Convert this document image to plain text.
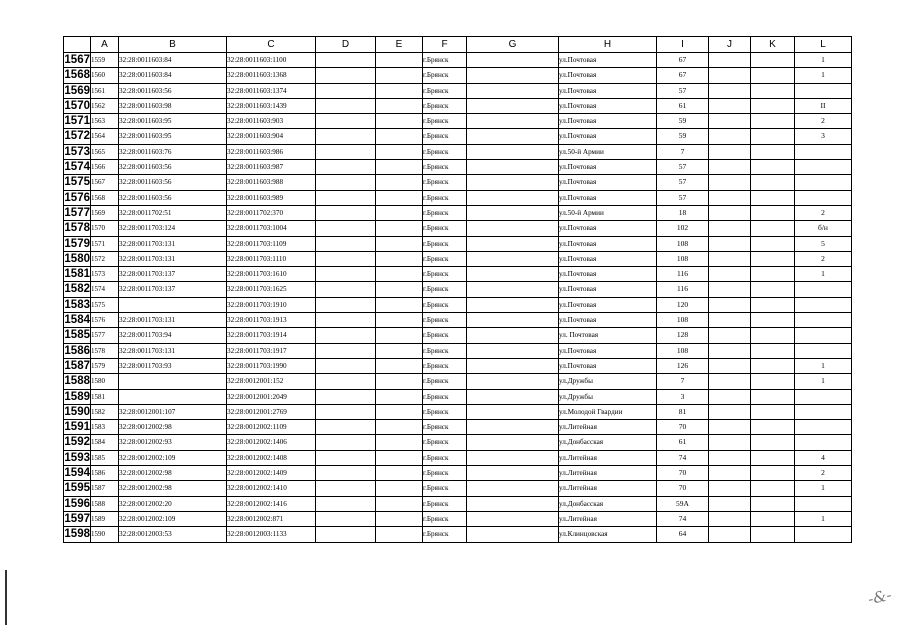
	A	B	C	D	E	F	G	H	I	J	K	L
1567	1559	32:28:0011603:84	32:28:0011603:1100			г.Брянск		ул.Почтовая	67			1
1568	1560	32:28:0011603:84	32:28:0011603:1368			г.Брянск		ул.Почтовая	67			1
1569	1561	32:28:0011603:56	32:28:0011603:1374			г.Брянск		ул.Почтовая	57			
1570	1562	32:28:0011603:98	32:28:0011603:1439			г.Брянск		ул.Почтовая	61			II
1571	1563	32:28:0011603:95	32:28:0011603:903			г.Брянск		ул.Почтовая	59			2
1572	1564	32:28:0011603:95	32:28:0011603:904			г.Брянск		ул.Почтовая	59			3
1573	1565	32:28:0011603:76	32:28:0011603:986			г.Брянск		ул.50-й Армии	7			
1574	1566	32:28:0011603:56	32:28:0011603:987			г.Брянск		ул.Почтовая	57			
1575	1567	32:28:0011603:56	32:28:0011603:988			г.Брянск		ул.Почтовая	57			
1576	1568	32:28:0011603:56	32:28:0011603:989			г.Брянск		ул.Почтовая	57			
1577	1569	32:28:0011702:51	32:28:0011702:370			г.Брянск		ул.50-й Армии	18			2
1578	1570	32:28:0011703:124	32:28:0011703:1004			г.Брянск		ул.Почтовая	102			б/н
1579	1571	32:28:0011703:131	32:28:0011703:1109			г.Брянск		ул.Почтовая	108			5
1580	1572	32:28:0011703:131	32:28:0011703:1110			г.Брянск		ул.Почтовая	108			2
1581	1573	32:28:0011703:137	32:28:0011703:1610			г.Брянск		ул.Почтовая	116			1
1582	1574	32:28:0011703:137	32:28:0011703:1625			г.Брянск		ул.Почтовая	116			
1583	1575		32:28:0011703:1910			г.Брянск		ул.Почтовая	120			
1584	1576	32:28:0011703:131	32:28:0011703:1913			г.Брянск		ул.Почтовая	108			
1585	1577	32:28:0011703:94	32:28:0011703:1914			г.Брянск		ул. Почтовая	128			
1586	1578	32:28:0011703:131	32:28:0011703:1917			г.Брянск		ул.Почтовая	108			
1587	1579	32:28:0011703:93	32:28:0011703:1990			г.Брянск		ул.Почтовая	126			1
1588	1580		32:28:0012001:152			г.Брянск		ул.Дружбы	7			1
1589	1581		32:28:0012001:2049			г.Брянск		ул.Дружбы	3			
1590	1582	32:28:0012001:107	32:28:0012001:2769			г.Брянск		ул.Молодой Гвардии	81			
1591	1583	32:28:0012002:98	32:28:0012002:1109			г.Брянск		ул.Литейная	70			
1592	1584	32:28:0012002:93	32:28:0012002:1406			г.Брянск		ул.Донбасская	61			
1593	1585	32:28:0012002:109	32:28:0012002:1408			г.Брянск		ул.Литейная	74			4
1594	1586	32:28:0012002:98	32:28:0012002:1409			г.Брянск		ул.Литейная	70			2
1595	1587	32:28:0012002:98	32:28:0012002:1410			г.Брянск		ул.Литейная	70			1
1596	1588	32:28:0012002:20	32:28:0012002:1416			г.Брянск		ул.Донбасская	59А			
1597	1589	32:28:0012002:109	32:28:0012002:871			г.Брянск		ул.Литейная	74			1
1598	1590	32:28:0012003:53	32:28:0012003:1133			г.Брянск		ул.Клинцовская	64			
-&-
